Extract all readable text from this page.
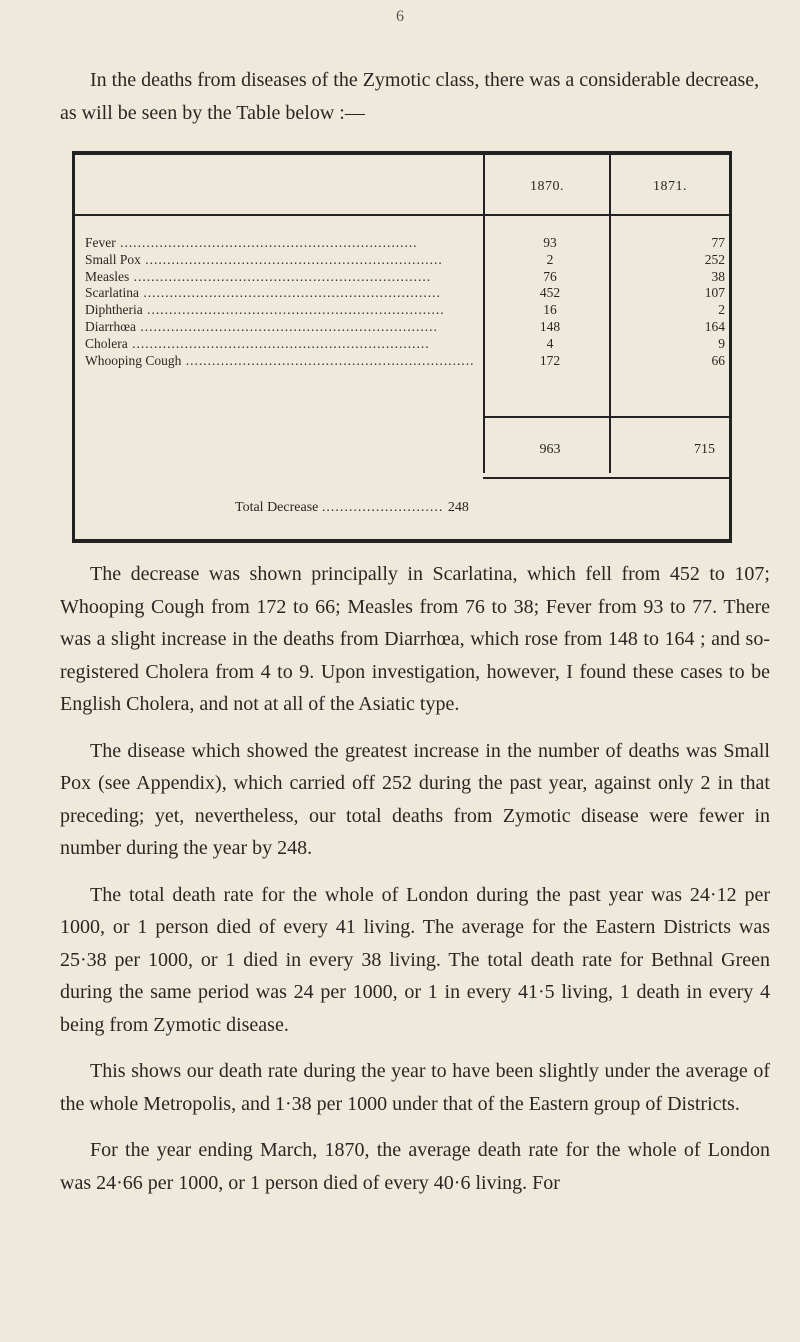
6

In the deaths from diseases of the Zymotic class, there was a considerable decrease, as will be seen by the Table below :—

1870.	1871.
Fever .....	93	77
Small Pox .....	2	252
Measles .....	76	38
Scarlatina .....	452	107
Diphtheria .....	16	2
Diarrhœa .....	148	164
Cholera .....	4	9
Whooping Cough .....	172	66
963	715
Total Decrease ........................... 248

The decrease was shown principally in Scarlatina, which fell from 452 to 107; Whooping Cough from 172 to 66; Measles from 76 to 38; Fever from 93 to 77. There was a slight increase in the deaths from Diarrhœa, which rose from 148 to 164 ; and so-registered Cholera from 4 to 9. Upon investigation, however, I found these cases to be English Cholera, and not at all of the Asiatic type.

The disease which showed the greatest increase in the number of deaths was Small Pox (see Appendix), which carried off 252 during the past year, against only 2 in that preceding; yet, nevertheless, our total deaths from Zymotic disease were fewer in number during the year by 248.

The total death rate for the whole of London during the past year was 24·12 per 1000, or 1 person died of every 41 living. The average for the Eastern Districts was 25·38 per 1000, or 1 died in every 38 living. The total death rate for Bethnal Green during the same period was 24 per 1000, or 1 in every 41·5 living, 1 death in every 4 being from Zymotic disease.

This shows our death rate during the year to have been slightly under the average of the whole Metropolis, and 1·38 per 1000 under that of the Eastern group of Districts.

For the year ending March, 1870, the average death rate for the whole of London was 24·66 per 1000, or 1 person died of every 40·6 living. For
